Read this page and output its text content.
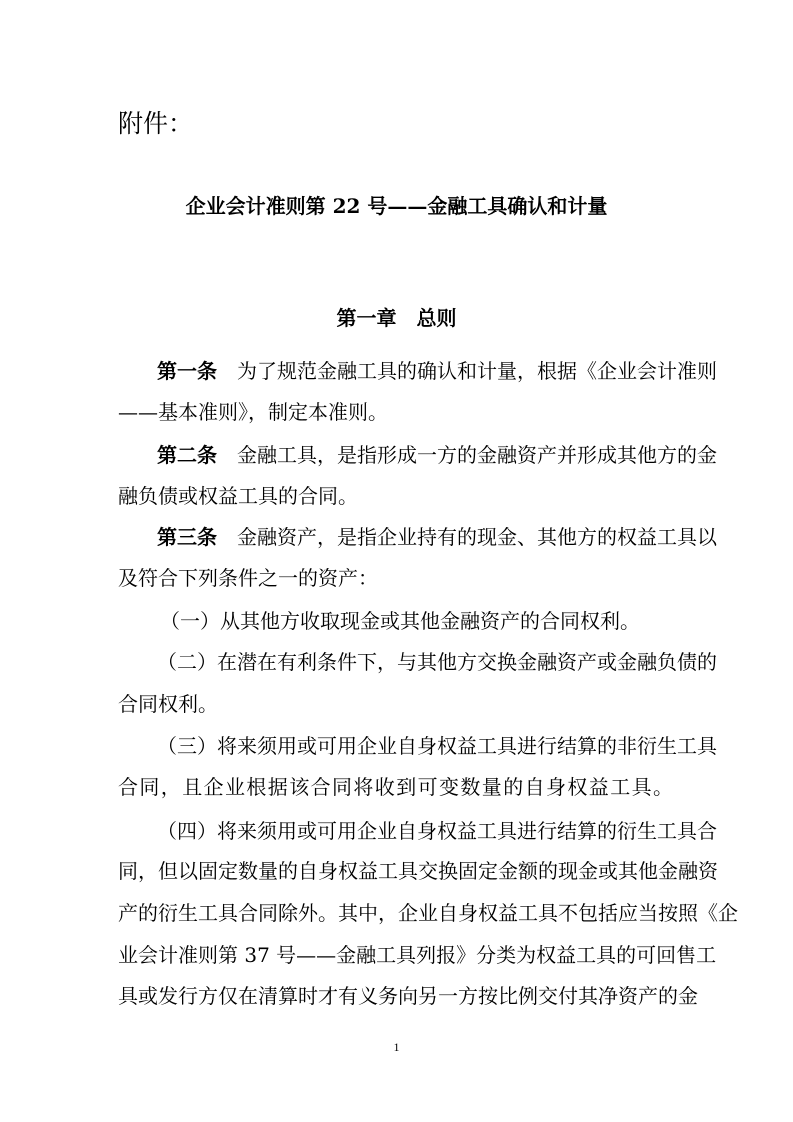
附件：
企业会计准则第 22 号——金融工具确认和计量
第一章　总则
第一条　 为了规范金融工具的确认和计量，根据《企业会计准则
——基本准则》，制定本准则。
第二条　 金融工具，是指形成一方的金融资产并形成其他方的金
融负债或权益工具的合同。
第三条　 金融资产，是指企业持有的现金、其他方的权益工具以
及符合下列条件之一的资产：
（一）从其他方收取现金或其他金融资产的合同权利。
（二）在潜在有利条件下，与其他方交换金融资产或金融负债的
合同权利。
（三）将来须用或可用企业自身权益工具进行结算的非衍生工具
合同，且企业根据该合同将收到可变数量的自身权益工具。
（四）将来须用或可用企业自身权益工具进行结算的衍生工具合
同，但以固定数量的自身权益工具交换固定金额的现金或其他金融资
产的衍生工具合同除外。其中，企业自身权益工具不包括应当按照《企
业会计准则第 37 号——金融工具列报》分类为权益工具的可回售工
具或发行方仅在清算时才有义务向另一方按比例交付其净资产的金
1
